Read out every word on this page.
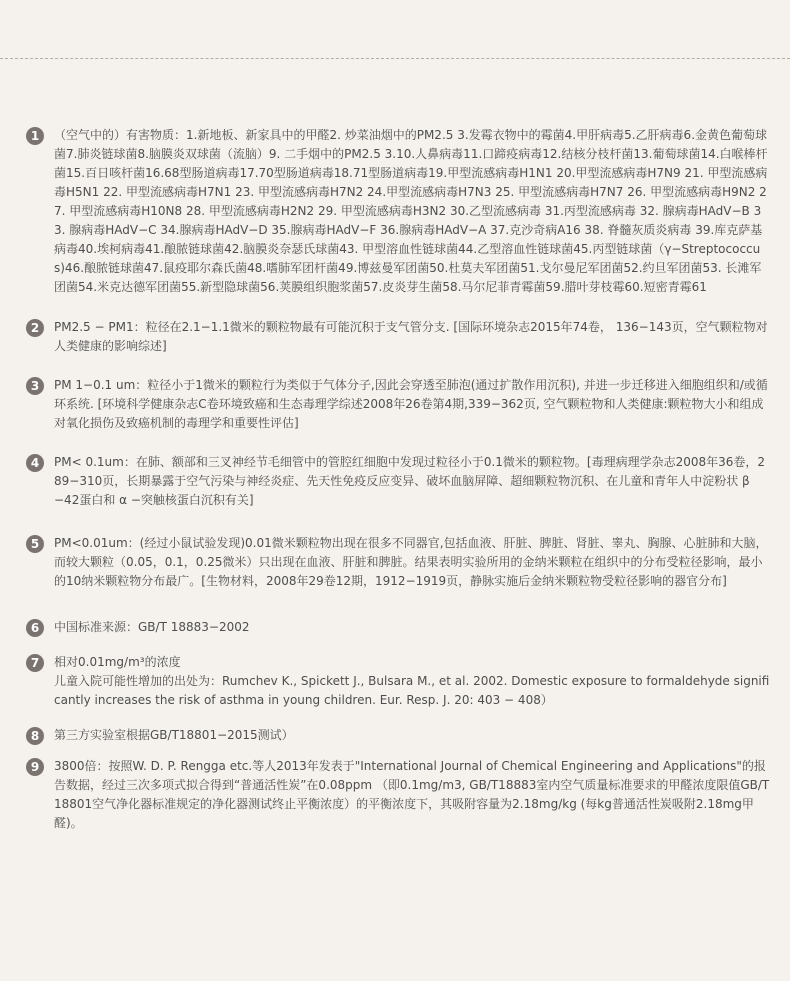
1	（空气中的）有害物质：1.新地板、新家具中的甲醛2. 炒菜油烟中的PM2.5 3.发霉衣物中的霉菌4.甲肝病毒5.乙肝病毒6.金黄色葡萄球菌7.肺炎链球菌8.脑膜炎双球菌（流脑）9. 二手烟中的PM2.5 3.10.人鼻病毒11.口蹄疫病毒12.结核分枝杆菌13.葡萄球菌14.白喉棒杆菌15.百日咳杆菌16.68型肠道病毒17.70型肠道病毒18.71型肠道病毒19.甲型流感病毒H1N1 20.甲型流感病毒H7N9 21. 甲型流感病毒H5N1 22. 甲型流感病毒H7N1 23. 甲型流感病毒H7N2 24.甲型流感病毒H7N3 25. 甲型流感病毒H7N7 26. 甲型流感病毒H9N2 27. 甲型流感病毒H10N8 28. 甲型流感病毒H2N2 29. 甲型流感病毒H3N2 30.乙型流感病毒 31.丙型流感病毒 32. 腺病毒HAdV−B 33. 腺病毒HAdV−C 34.腺病毒HAdV−D 35.腺病毒HAdV−F 36.腺病毒HAdV−A 37.克沙奇病A16 38. 脊髓灰质炎病毒 39.库克萨基病毒40.埃柯病毒41.酿脓链球菌42.脑膜炎奈瑟氏球菌43. 甲型溶血性链球菌44.乙型溶血性链球菌45.丙型链球菌（γ−Streptococcus)46.酿脓链球菌47.鼠疫耶尔森氏菌48.嗜肺军团杆菌49.博兹曼军团菌50.杜莫夫军团菌51.戈尔曼尼军团菌52.约旦军团菌53. 长滩军团菌54.米克达德军团菌55.新型隐球菌56.荚膜组织胞浆菌57.皮炎芽生菌58.马尔尼菲青霉菌59.腊叶芽枝霉60.短密青霉61

2	PM2.5 − PM1：粒径在2.1−1.1微米的颗粒物最有可能沉积于支气管分支. [国际环境杂志2015年74卷， 136−143页，空气颗粒物对人类健康的影响综述]

3	PM 1−0.1 um：粒径小于1微米的颗粒行为类似于气体分子,因此会穿透至肺泡(通过扩散作用沉积), 并进一步迁移进入细胞组织和/或循环系统. [环境科学健康杂志C卷环境致癌和生态毒理学综述2008年26卷第4期,339−362页, 空气颗粒物和人类健康:颗粒物大小和组成对氧化损伤及致癌机制的毒理学和重要性评估]

4	PM< 0.1um：在肺、额部和三叉神经节毛细管中的管腔红细胞中发现过粒径小于0.1微米的颗粒物。[毒理病理学杂志2008年36卷，289−310页，长期暴露于空气污染与神经炎症、先天性免疫反应变异、破坏血脑屏障、超细颗粒物沉积、在儿童和青年人中淀粉状 β −42蛋白和 α −突触核蛋白沉积有关]

5	PM<0.01um：(经过小鼠试验发现)0.01微米颗粒物出现在很多不同器官,包括血液、肝脏、脾脏、肾脏、睾丸、胸腺、心脏肺和大脑，而较大颗粒（0.05，0.1，0.25微米）只出现在血液、肝脏和脾脏。结果表明实验所用的金纳米颗粒在组织中的分布受粒径影响，最小的10纳米颗粒物分布最广。[生物材料，2008年29卷12期，1912−1919页，静脉实施后金纳米颗粒物受粒径影响的器官分布]

6	中国标准来源：GB/T 18883−2002

7	相对0.01mg/m³的浓度

儿童入院可能性增加的出处为：Rumchev K., Spickett J., Bulsara M., et al. 2002. Domestic exposure to formaldehyde significantly increases the risk of asthma in young children. Eur. Resp. J. 20: 403 − 408）

8	第三方实验室根据GB/T18801−2015测试）

9	3800倍：按照W. D. P. Rengga etc.等人2013年发表于"International Journal of Chemical Engineering and Applications"的报告数据，经过三次多项式拟合得到“普通活性炭”在0.08ppm （即0.1mg/m3, GB/T18883室内空气质量标准要求的甲醛浓度限值GB/T18801空气净化器标准规定的净化器测试终止平衡浓度）的平衡浓度下，其吸附容量为2.18mg/kg (每kg普通活性炭吸附2.18mg甲醛)。
